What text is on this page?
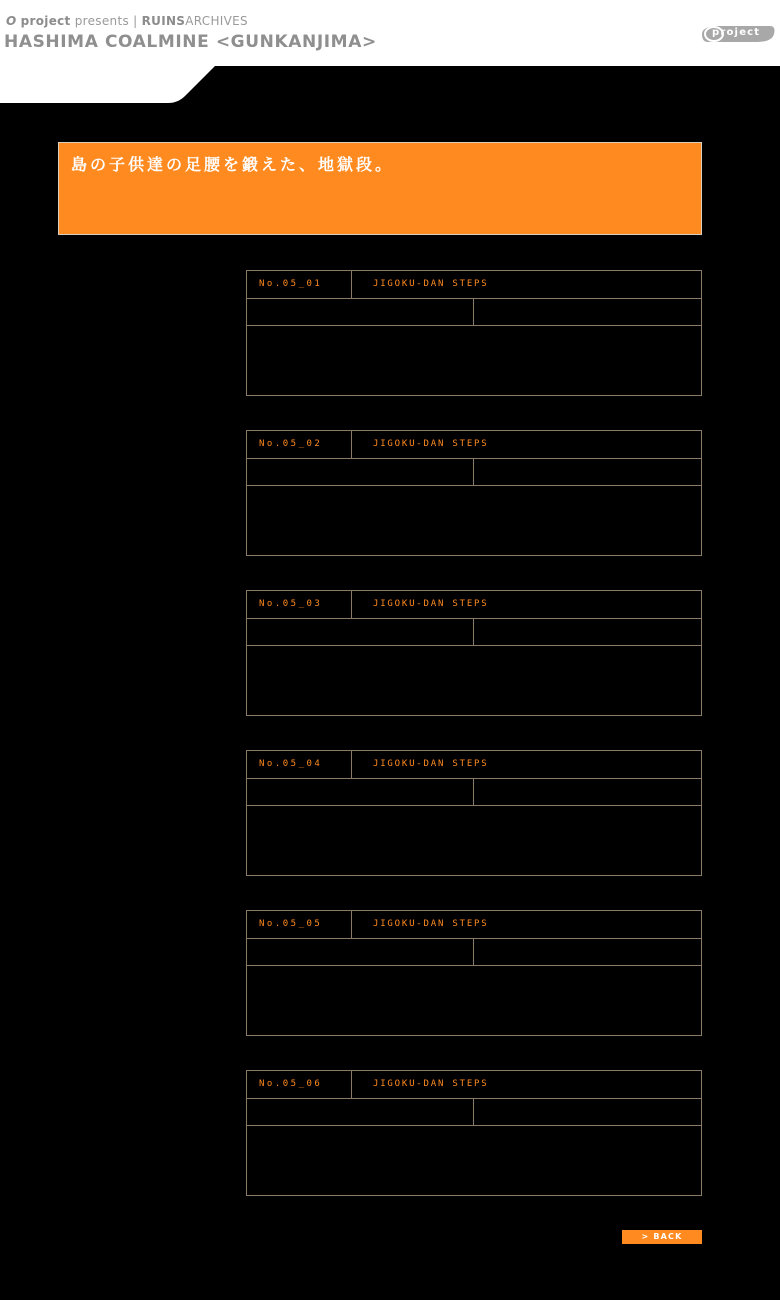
O project presents | RUINSARCHIVES
HASHIMA COALMINE <GUNKANJIMA>	project
島の子供達の足腰を鍛えた、地獄段。
No.05_01	JIGOKU-DAN STEPS
No.05_02	JIGOKU-DAN STEPS
No.05_03	JIGOKU-DAN STEPS
No.05_04	JIGOKU-DAN STEPS
No.05_05	JIGOKU-DAN STEPS
No.05_06	JIGOKU-DAN STEPS
> BACK
